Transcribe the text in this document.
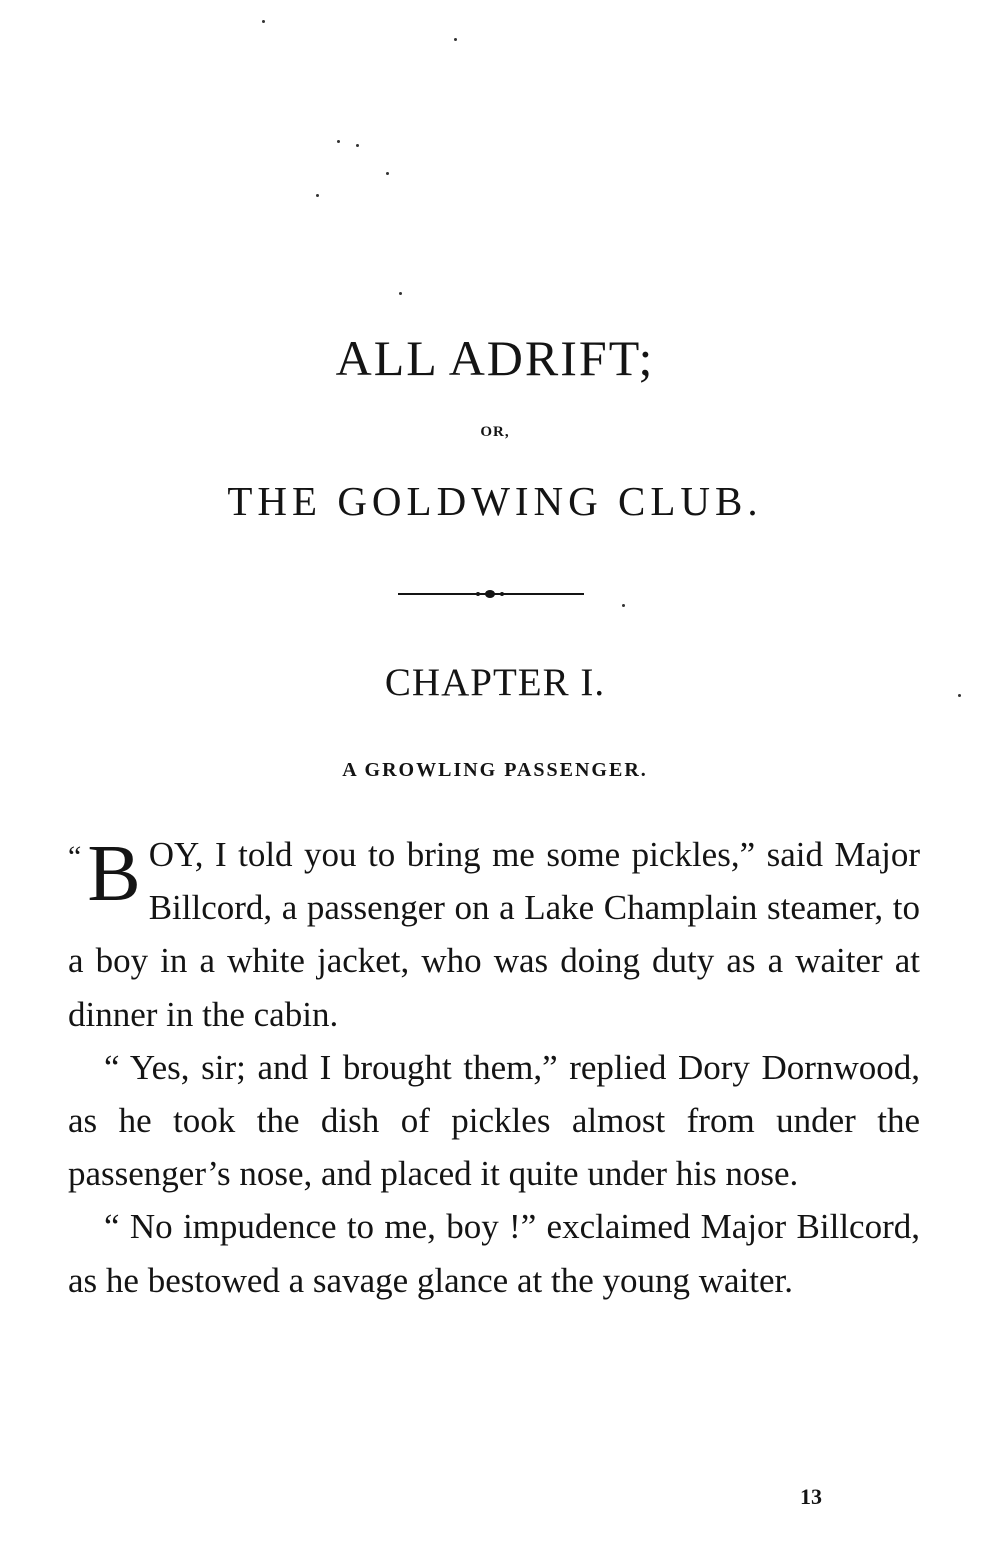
ALL ADRIFT;
OR,
THE GOLDWING CLUB.
CHAPTER I.
A GROWLING PASSENGER.

“ B OY, I told you to bring me some pickles,” said Major Billcord, a passenger on a Lake Champlain steamer, to a boy in a white jacket, who was doing duty as a waiter at dinner in the cabin.

“ Yes, sir; and I brought them,” replied Dory Dornwood, as he took the dish of pickles almost from under the passenger’s nose, and placed it quite under his nose.

“ No impudence to me, boy !” exclaimed Major Billcord, as he bestowed a savage glance at the young waiter.

13
